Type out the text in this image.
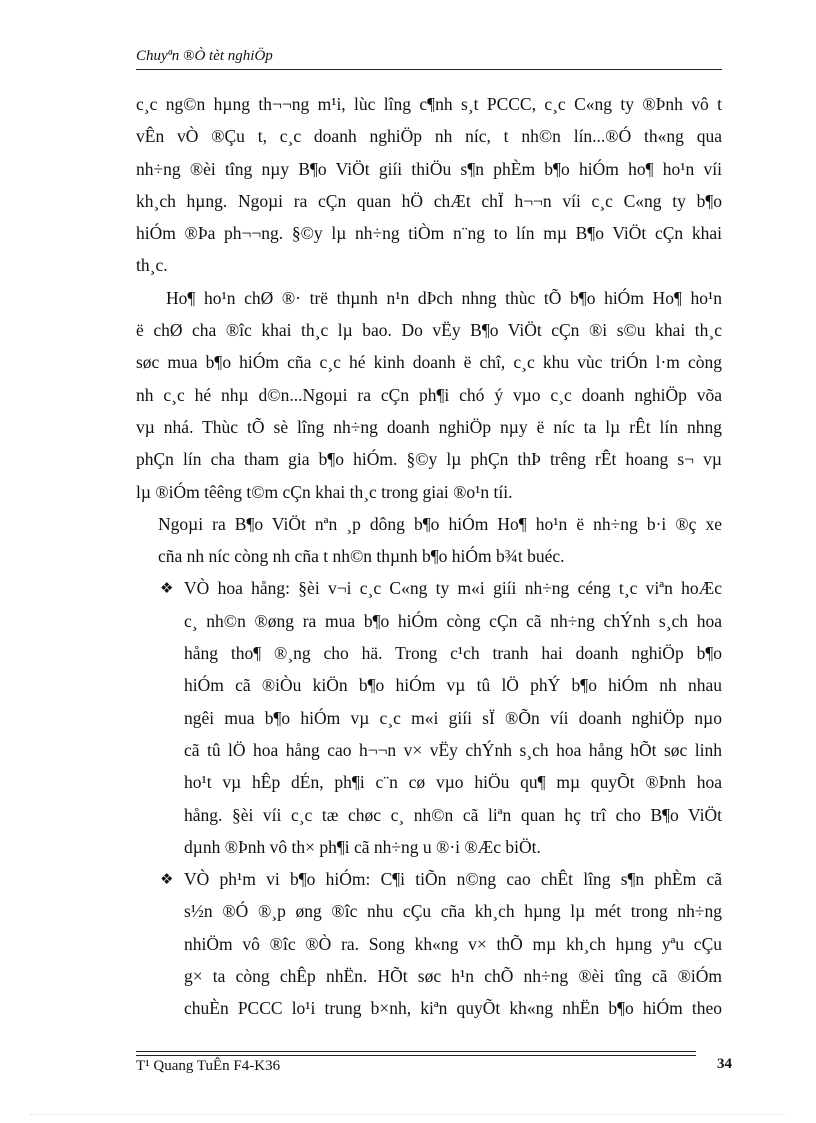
Chuyªn ®Ò tèt nghiÖp
c¸c ng©n hµng th¬¬ng m¹i, lùc lîng c¶nh s¸t PCCC, c¸c C«ng ty ®Þnh vô t
vÊn vÒ ®Çu t, c¸c doanh nghiÖp nh níc, t nh©n lín...®Ó th«ng qua
nh÷ng ®èi tîng nµy B¶o ViÖt giíi thiÖu s¶n phÈm b¶o hiÓm ho¶ ho¹n víi
kh¸ch hµng. Ngoµi ra cÇn quan hÖ chÆt chÏ h¬¬n víi c¸c C«ng ty b¶o
hiÓm ®Þa ph¬¬ng. §©y lµ nh÷ng tiÒm n¨ng to lín mµ B¶o ViÖt cÇn khai
th¸c.
Ho¶ ho¹n chØ ®· trë thµnh n¹n dÞch nhng thùc tÕ b¶o hiÓm Ho¶ ho¹n
ë chØ cha ®îc khai th¸c lµ bao. Do vËy B¶o ViÖt cÇn ®i s©u khai th¸c
søc mua b¶o hiÓm cña c¸c hé kinh doanh ë chî, c¸c khu vùc triÓn l·m còng
nh c¸c hé nhµ d©n...Ngoµi ra cÇn ph¶i chó ý vµo c¸c doanh nghiÖp võa
vµ nhá. Thùc tÕ sè lîng nh÷ng doanh nghiÖp nµy ë níc ta lµ rÊt lín nhng
phÇn lín cha tham gia b¶o hiÓm. §©y lµ phÇn thÞ trêng rÊt hoang s¬ vµ
lµ ®iÓm têêng t©m cÇn khai th¸c trong giai ®o¹n tíi.
Ngoµi ra B¶o ViÖt nªn ¸p dông b¶o hiÓm Ho¶ ho¹n ë nh÷ng b·i ®ç xe
cña nh níc còng nh cña t nh©n thµnh b¶o hiÓm b¾t buéc.
❖ VÒ hoa hång: §èi v¬i c¸c C«ng ty m«i giíi nh÷ng céng t¸c viªn hoÆc
c¸ nh©n ®øng ra mua b¶o hiÓm còng cÇn cã nh÷ng chÝnh s¸ch hoa
hång tho¶ ®¸ng cho hä. Trong c¹ch tranh hai doanh nghiÖp b¶o
hiÓm cã ®iÒu kiÖn b¶o hiÓm vµ tû lÖ phÝ b¶o hiÓm nh nhau
ngêi mua b¶o hiÓm vµ c¸c m«i giíi sÏ ®Õn víi doanh nghiÖp nµo
cã tû lÖ hoa hång cao h¬¬n v× vËy chÝnh s¸ch hoa hång hÕt søc linh
ho¹t vµ hÊp dÉn, ph¶i c¨n cø vµo hiÖu qu¶ mµ quyÕt ®Þnh hoa
hång. §èi víi c¸c tæ chøc c¸ nh©n cã liªn quan hç trî cho B¶o ViÖt
dµnh ®Þnh vô th× ph¶i cã nh÷ng u ®·i ®Æc biÖt.
❖ VÒ ph¹m vi b¶o hiÓm: C¶i tiÕn n©ng cao chÊt lîng s¶n phÈm cã
s½n ®Ó ®¸p øng ®îc nhu cÇu cña kh¸ch hµng lµ mét trong nh÷ng
nhiÖm vô ®îc ®Ò ra. Song kh«ng v× thÕ mµ kh¸ch hµng yªu cÇu
g× ta còng chÊp nhËn. HÕt søc h¹n chÕ nh÷ng ®èi tîng cã ®iÓm
chuÈn PCCC lo¹i trung b×nh, kiªn quyÕt kh«ng nhËn b¶o hiÓm theo
T¹ Quang TuÊn F4-K36	34
